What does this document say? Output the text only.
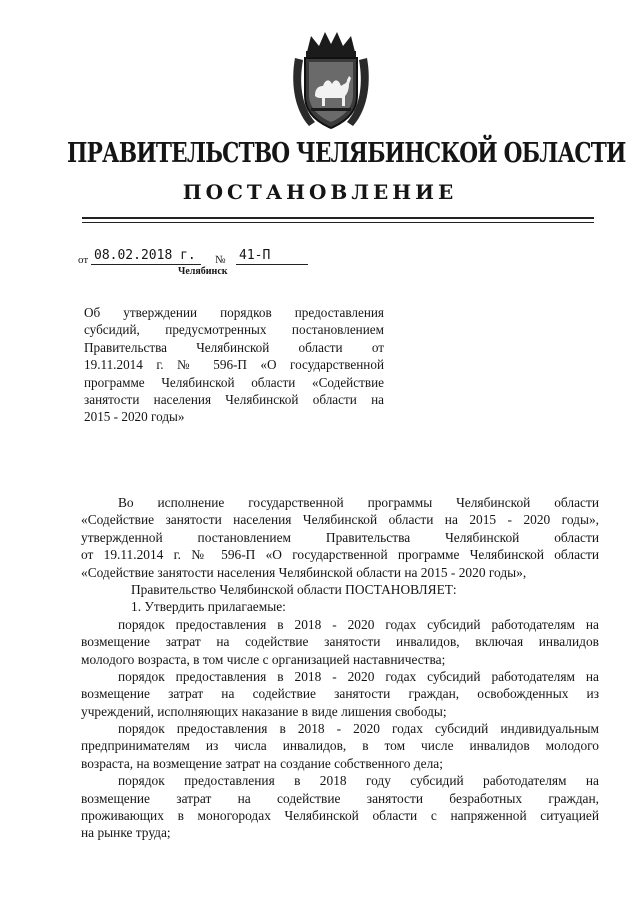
ПРАВИТЕЛЬСТВО ЧЕЛЯБИНСКОЙ ОБЛАСТИ
ПОСТАНОВЛЕНИЕ
от 08.02.2018 г.	№ 41-П
Челябинск
Об утверждении порядков предоставления
субсидий, предусмотренных постановлением
Правительства Челябинской области от
19.11.2014 г. № 596-П «О государственной
программе Челябинской области «Содействие
занятости населения Челябинской области на
2015 - 2020 годы»
Во исполнение государственной программы Челябинской области
«Содействие занятости населения Челябинской области на 2015 - 2020 годы»,
утвержденной постановлением Правительства Челябинской области
от 19.11.2014 г. № 596-П «О государственной программе Челябинской области
«Содействие занятости населения Челябинской области на 2015 - 2020 годы»,
Правительство Челябинской области ПОСТАНОВЛЯЕТ:
1. Утвердить прилагаемые:
порядок предоставления в 2018 - 2020 годах субсидий работодателям на
возмещение затрат на содействие занятости инвалидов, включая инвалидов
молодого возраста, в том числе с организацией наставничества;
порядок предоставления в 2018 - 2020 годах субсидий работодателям на
возмещение затрат на содействие занятости граждан, освобожденных из
учреждений, исполняющих наказание в виде лишения свободы;
порядок предоставления в 2018 - 2020 годах субсидий индивидуальным
предпринимателям из числа инвалидов, в том числе инвалидов молодого
возраста, на возмещение затрат на создание собственного дела;
порядок предоставления в 2018 году субсидий работодателям на
возмещение затрат на содействие занятости безработных граждан,
проживающих в моногородах Челябинской области с напряженной ситуацией
на рынке труда;
